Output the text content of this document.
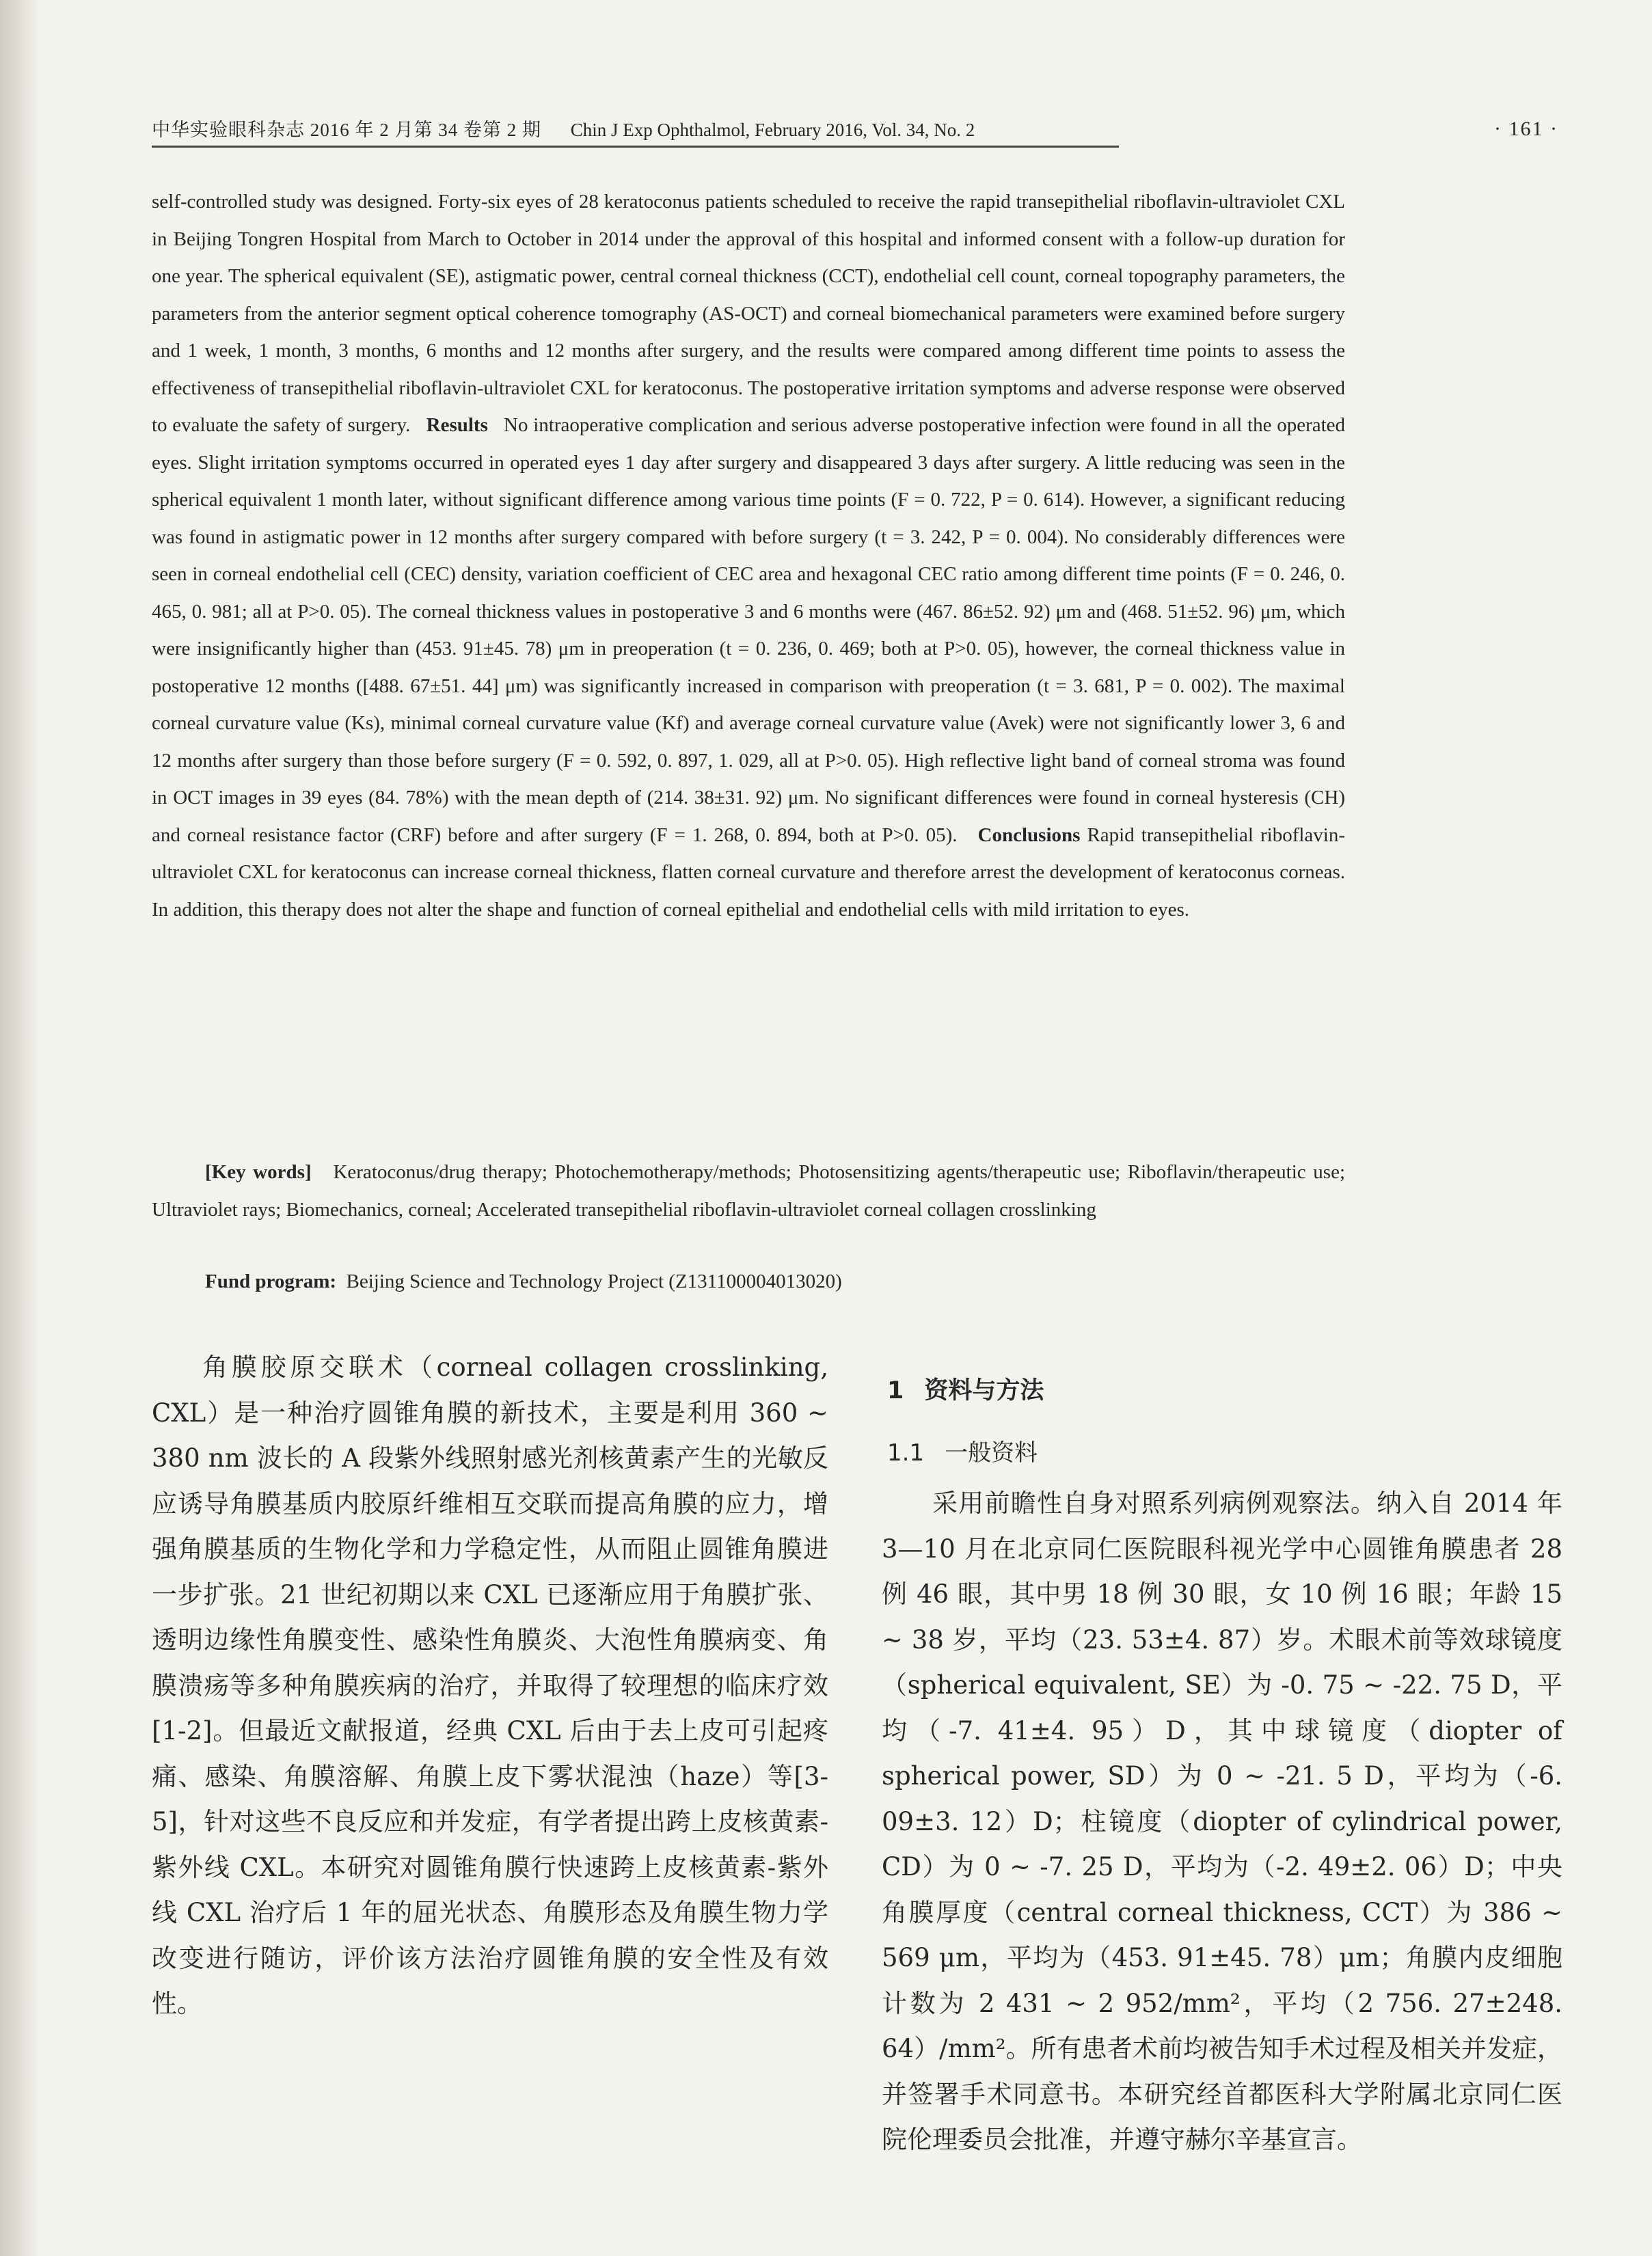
中华实验眼科杂志 2016 年 2 月第 34 卷第 2 期 Chin J Exp Ophthalmol, February 2016, Vol. 34, No. 2	· 161 ·

self-controlled study was designed. Forty-six eyes of 28 keratoconus patients scheduled to receive the rapid transepithelial riboflavin-ultraviolet CXL in Beijing Tongren Hospital from March to October in 2014 under the approval of this hospital and informed consent with a follow-up duration for one year. The spherical equivalent (SE), astigmatic power, central corneal thickness (CCT), endothelial cell count, corneal topography parameters, the parameters from the anterior segment optical coherence tomography (AS-OCT) and corneal biomechanical parameters were examined before surgery and 1 week, 1 month, 3 months, 6 months and 12 months after surgery, and the results were compared among different time points to assess the effectiveness of transepithelial riboflavin-ultraviolet CXL for keratoconus. The postoperative irritation symptoms and adverse response were observed to evaluate the safety of surgery. Results No intraoperative complication and serious adverse postoperative infection were found in all the operated eyes. Slight irritation symptoms occurred in operated eyes 1 day after surgery and disappeared 3 days after surgery. A little reducing was seen in the spherical equivalent 1 month later, without significant difference among various time points (F = 0. 722, P = 0. 614). However, a significant reducing was found in astigmatic power in 12 months after surgery compared with before surgery (t = 3. 242, P = 0. 004). No considerably differences were seen in corneal endothelial cell (CEC) density, variation coefficient of CEC area and hexagonal CEC ratio among different time points (F = 0. 246, 0. 465, 0. 981; all at P>0. 05). The corneal thickness values in postoperative 3 and 6 months were (467. 86±52. 92) μm and (468. 51±52. 96) μm, which were insignificantly higher than (453. 91±45. 78) μm in preoperation (t = 0. 236, 0. 469; both at P>0. 05), however, the corneal thickness value in postoperative 12 months ([488. 67±51. 44] μm) was significantly increased in comparison with preoperation (t = 3. 681, P = 0. 002). The maximal corneal curvature value (Ks), minimal corneal curvature value (Kf) and average corneal curvature value (Avek) were not significantly lower 3, 6 and 12 months after surgery than those before surgery (F = 0. 592, 0. 897, 1. 029, all at P>0. 05). High reflective light band of corneal stroma was found in OCT images in 39 eyes (84. 78%) with the mean depth of (214. 38±31. 92) μm. No significant differences were found in corneal hysteresis (CH) and corneal resistance factor (CRF) before and after surgery (F = 1. 268, 0. 894, both at P>0. 05). Conclusions Rapid transepithelial riboflavin-ultraviolet CXL for keratoconus can increase corneal thickness, flatten corneal curvature and therefore arrest the development of keratoconus corneas. In addition, this therapy does not alter the shape and function of corneal epithelial and endothelial cells with mild irritation to eyes.

[Key words] Keratoconus/drug therapy; Photochemotherapy/methods; Photosensitizing agents/therapeutic use; Riboflavin/therapeutic use; Ultraviolet rays; Biomechanics, corneal; Accelerated transepithelial riboflavin-ultraviolet corneal collagen crosslinking

Fund program: Beijing Science and Technology Project (Z131100004013020)

角膜胶原交联术（corneal collagen crosslinking, CXL）是一种治疗圆锥角膜的新技术，主要是利用 360 ~ 380 nm 波长的 A 段紫外线照射感光剂核黄素产生的光敏反应诱导角膜基质内胶原纤维相互交联而提高角膜的应力，增强角膜基质的生物化学和力学稳定性，从而阻止圆锥角膜进一步扩张。21 世纪初期以来 CXL 已逐渐应用于角膜扩张、透明边缘性角膜变性、感染性角膜炎、大泡性角膜病变、角膜溃疡等多种角膜疾病的治疗，并取得了较理想的临床疗效[1-2]。但最近文献报道，经典 CXL 后由于去上皮可引起疼痛、感染、角膜溶解、角膜上皮下雾状混浊（haze）等[3-5]，针对这些不良反应和并发症，有学者提出跨上皮核黄素-紫外线 CXL。本研究对圆锥角膜行快速跨上皮核黄素-紫外线 CXL 治疗后 1 年的屈光状态、角膜形态及角膜生物力学改变进行随访，评价该方法治疗圆锥角膜的安全性及有效性。

1 资料与方法
1.1 一般资料

采用前瞻性自身对照系列病例观察法。纳入自 2014 年 3—10 月在北京同仁医院眼科视光学中心圆锥角膜患者 28 例 46 眼，其中男 18 例 30 眼，女 10 例 16 眼；年龄 15 ~ 38 岁，平均（23. 53±4. 87）岁。术眼术前等效球镜度（spherical equivalent, SE）为 -0. 75 ~ -22. 75 D，平均（-7. 41±4. 95）D，其中球镜度（diopter of spherical power, SD）为 0 ~ -21. 5 D，平均为（-6. 09±3. 12）D；柱镜度（diopter of cylindrical power, CD）为 0 ~ -7. 25 D，平均为（-2. 49±2. 06）D；中央角膜厚度（central corneal thickness, CCT）为 386 ~ 569 μm，平均为（453. 91±45. 78）μm；角膜内皮细胞计数为 2 431 ~ 2 952/mm²，平均（2 756. 27±248. 64）/mm²。所有患者术前均被告知手术过程及相关并发症，并签署手术同意书。本研究经首都医科大学附属北京同仁医院伦理委员会批准，并遵守赫尔辛基宣言。
